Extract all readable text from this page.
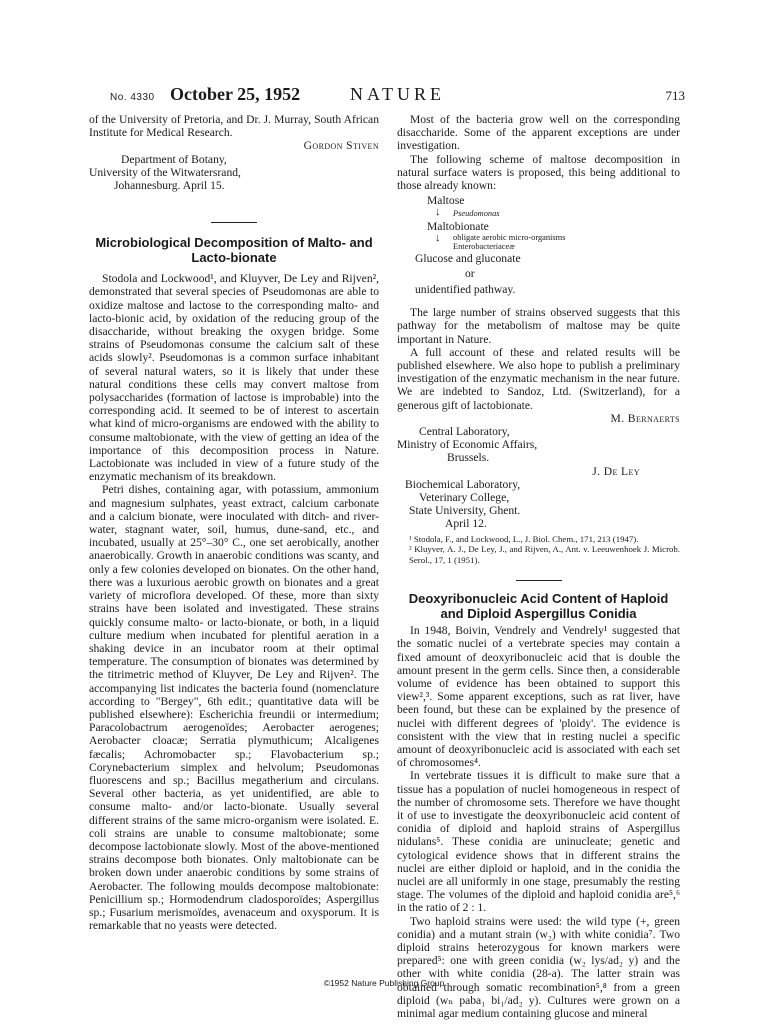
No. 4330 October 25, 1952	NATURE	713

of the University of Pretoria, and Dr. J. Murray, South African Institute for Medical Research.

Gordon Stiven

Department of Botany,

University of the Witwatersrand,

Johannesburg. April 15.

Microbiological Decomposition of Malto- and Lacto-bionate

Stodola and Lockwood¹, and Kluyver, De Ley and Rijven², demonstrated that several species of Pseudomonas are able to oxidize maltose and lactose to the corresponding malto- and lacto-bionic acid, by oxidation of the reducing group of the disaccharide, without breaking the oxygen bridge. Some strains of Pseudomonas consume the calcium salt of these acids slowly². Pseudomonas is a common surface inhabitant of several natural waters, so it is likely that under these natural conditions these cells may convert maltose from polysaccharides (formation of lactose is improbable) into the corresponding acid. It seemed to be of interest to ascertain what kind of micro-organisms are endowed with the ability to consume maltobionate, with the view of getting an idea of the importance of this decomposition process in Nature. Lactobionate was included in view of a future study of the enzymatic mechanism of its breakdown.

Petri dishes, containing agar, with potassium, ammonium and magnesium sulphates, yeast extract, calcium carbonate and a calcium bionate, were inoculated with ditch- and river-water, stagnant water, soil, humus, dune-sand, etc., and incubated, usually at 25°–30° C., one set aerobically, another anaerobically. Growth in anaerobic conditions was scanty, and only a few colonies developed on bionates. On the other hand, there was a luxurious aerobic growth on bionates and a great variety of microflora developed. Of these, more than sixty strains have been isolated and investigated. These strains quickly consume malto- or lacto-bionate, or both, in a liquid culture medium when incubated for plentiful aeration in a shaking device in an incubator room at their optimal temperature. The consumption of bionates was determined by the titrimetric method of Kluyver, De Ley and Rijven². The accompanying list indicates the bacteria found (nomenclature according to "Bergey", 6th edit.; quantitative data will be published elsewhere): Escherichia freundii or intermedium; Paracolobactrum aerogenoïdes; Aerobacter aerogenes; Aerobacter cloacæ; Serratia plymuthicum; Alcaligenes fæcalis; Achromobacter sp.; Flavobacterium sp.; Corynebacterium simplex and helvolum; Pseudomonas fluorescens and sp.; Bacillus megatherium and circulans. Several other bacteria, as yet unidentified, are able to consume malto- and/or lacto-bionate. Usually several different strains of the same micro-organism were isolated. E. coli strains are unable to consume maltobionate; some decompose lactobionate slowly. Most of the above-mentioned strains decompose both bionates. Only maltobionate can be broken down under anaerobic conditions by some strains of Aerobacter. The following moulds decompose maltobionate: Penicillium sp.; Hormodendrum cladosporoïdes; Aspergillus sp.; Fusarium merismoïdes, avenaceum and oxysporum. It is remarkable that no yeasts were detected.

Most of the bacteria grow well on the corresponding disaccharide. Some of the apparent exceptions are under investigation.

The following scheme of maltose decomposition in natural surface waters is proposed, this being additional to those already known:

Maltose
↓ Pseudomonas
Maltobionate
↓ obligate aerobic micro-organisms
Enterobacteriaceæ
Glucose and gluconate
or
unidentified pathway.

The large number of strains observed suggests that this pathway for the metabolism of maltose may be quite important in Nature.

A full account of these and related results will be published elsewhere. We also hope to publish a preliminary investigation of the enzymatic mechanism in the near future. We are indebted to Sandoz, Ltd. (Switzerland), for a generous gift of lactobionate.

M. Bernaerts

Central Laboratory,

Ministry of Economic Affairs,

Brussels.

J. De Ley

Biochemical Laboratory,

Veterinary College,

State University, Ghent.

April 12.

¹ Stodola, F., and Lockwood, L., J. Biol. Chem., 171, 213 (1947).

² Kluyver, A. J., De Ley, J., and Rijven, A., Ant. v. Leeuwenhoek J. Microb. Serol., 17, 1 (1951).

Deoxyribonucleic Acid Content of Haploid and Diploid Aspergillus Conidia

In 1948, Boivin, Vendrely and Vendrely¹ suggested that the somatic nuclei of a vertebrate species may contain a fixed amount of deoxyribonucleic acid that is double the amount present in the germ cells. Since then, a considerable volume of evidence has been obtained to support this view²,³. Some apparent exceptions, such as rat liver, have been found, but these can be explained by the presence of nuclei with different degrees of 'ploidy'. The evidence is consistent with the view that in resting nuclei a specific amount of deoxyribonucleic acid is associated with each set of chromosomes⁴.

In vertebrate tissues it is difficult to make sure that a tissue has a population of nuclei homogeneous in respect of the number of chromosome sets. Therefore we have thought it of use to investigate the deoxyribonucleic acid content of conidia of diploid and haploid strains of Aspergillus nidulans⁵. These conidia are uninucleate; genetic and cytological evidence shows that in different strains the nuclei are either diploid or haploid, and in the conidia the nuclei are all uniformly in one stage, presumably the resting stage. The volumes of the diploid and haploid conidia are⁵,⁶ in the ratio of 2 : 1.

Two haploid strains were used: the wild type (+, green conidia) and a mutant strain (w₂) with white conidia⁷. Two diploid strains heterozygous for known markers were prepared⁵: one with green conidia (w₂ lys/ad₂ y) and the other with white conidia (28-a). The latter strain was obtained through somatic recombination⁵,⁸ from a green diploid (wₙ paba₁ bi₁/ad₂ y). Cultures were grown on a minimal agar medium containing glucose and mineral

©1952 Nature Publishing Group
